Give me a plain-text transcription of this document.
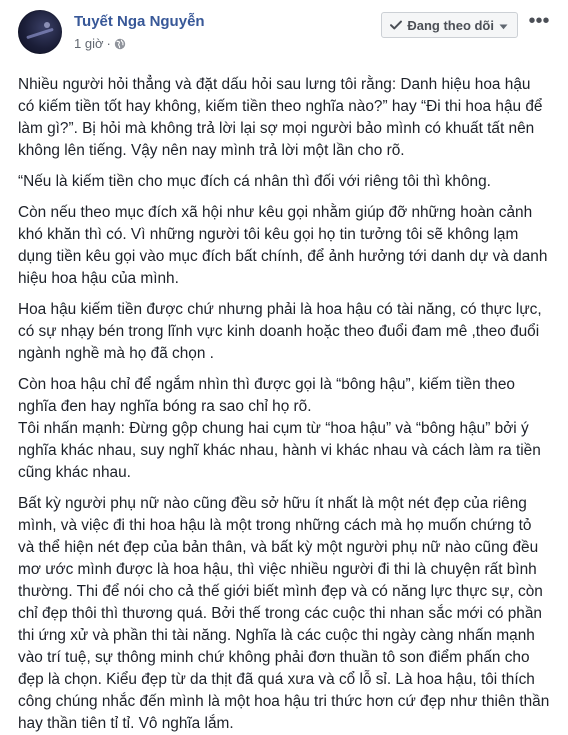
Tuyết Nga Nguyễn
1 giờ ·
Đang theo dõi •••

Nhiều người hỏi thẳng và đặt dấu hỏi sau lưng tôi rằng: Danh hiệu hoa hậu có kiếm tiền tốt hay không, kiếm tiền theo nghĩa nào?” hay “Đi thi hoa hậu để làm gì?”. Bị hỏi mà không trả lời lại sợ mọi người bảo mình có khuất tất nên không lên tiếng. Vậy nên nay mình trả lời một lần cho rõ.

“Nếu là kiếm tiền cho mục đích cá nhân thì đối với riêng tôi thì không.

Còn nếu theo mục đích xã hội như kêu gọi nhằm giúp đỡ những hoàn cảnh khó khăn thì có. Vì những người tôi kêu gọi họ tin tưởng tôi sẽ không lạm dụng tiền kêu gọi vào mục đích bất chính, để ảnh hưởng tới danh dự và danh hiệu hoa hậu của mình.

Hoa hậu kiếm tiền được chứ nhưng phải là hoa hậu có tài năng, có thực lực, có sự nhạy bén trong lĩnh vực kinh doanh hoặc theo đuổi đam mê ,theo đuổi ngành nghề mà họ đã chọn .

Còn hoa hậu chỉ để ngắm nhìn thì được gọi là “bông hậu”, kiếm tiền theo nghĩa đen hay nghĩa bóng ra sao chỉ họ rõ.
Tôi nhấn mạnh: Đừng gộp chung hai cụm từ “hoa hậu” và “bông hậu” bởi ý nghĩa khác nhau, suy nghĩ khác nhau, hành vi khác nhau và cách làm ra tiền cũng khác nhau.

Bất kỳ người phụ nữ nào cũng đều sở hữu ít nhất là một nét đẹp của riêng mình, và việc đi thi hoa hậu là một trong những cách mà họ muốn chứng tỏ và thể hiện nét đẹp của bản thân, và bất kỳ một người phụ nữ nào cũng đều mơ ước mình được là hoa hậu, thì việc nhiều người đi thi là chuyện rất bình thường. Thi để nói cho cả thế giới biết mình đẹp và có năng lực thực sự, còn chỉ đẹp thôi thì thương quá. Bởi thế trong các cuộc thi nhan sắc mới có phần thi ứng xử và phần thi tài năng. Nghĩa là các cuộc thi ngày càng nhấn mạnh vào trí tuệ, sự thông minh chứ không phải đơn thuần tô son điểm phấn cho đẹp là chọn. Kiểu đẹp từ da thịt đã quá xưa và cổ lỗ sỉ. Là hoa hậu, tôi thích công chúng nhắc đến mình là một hoa hậu tri thức hơn cứ đẹp như thiên thần hay thần tiên tỉ tỉ. Vô nghĩa lắm.
